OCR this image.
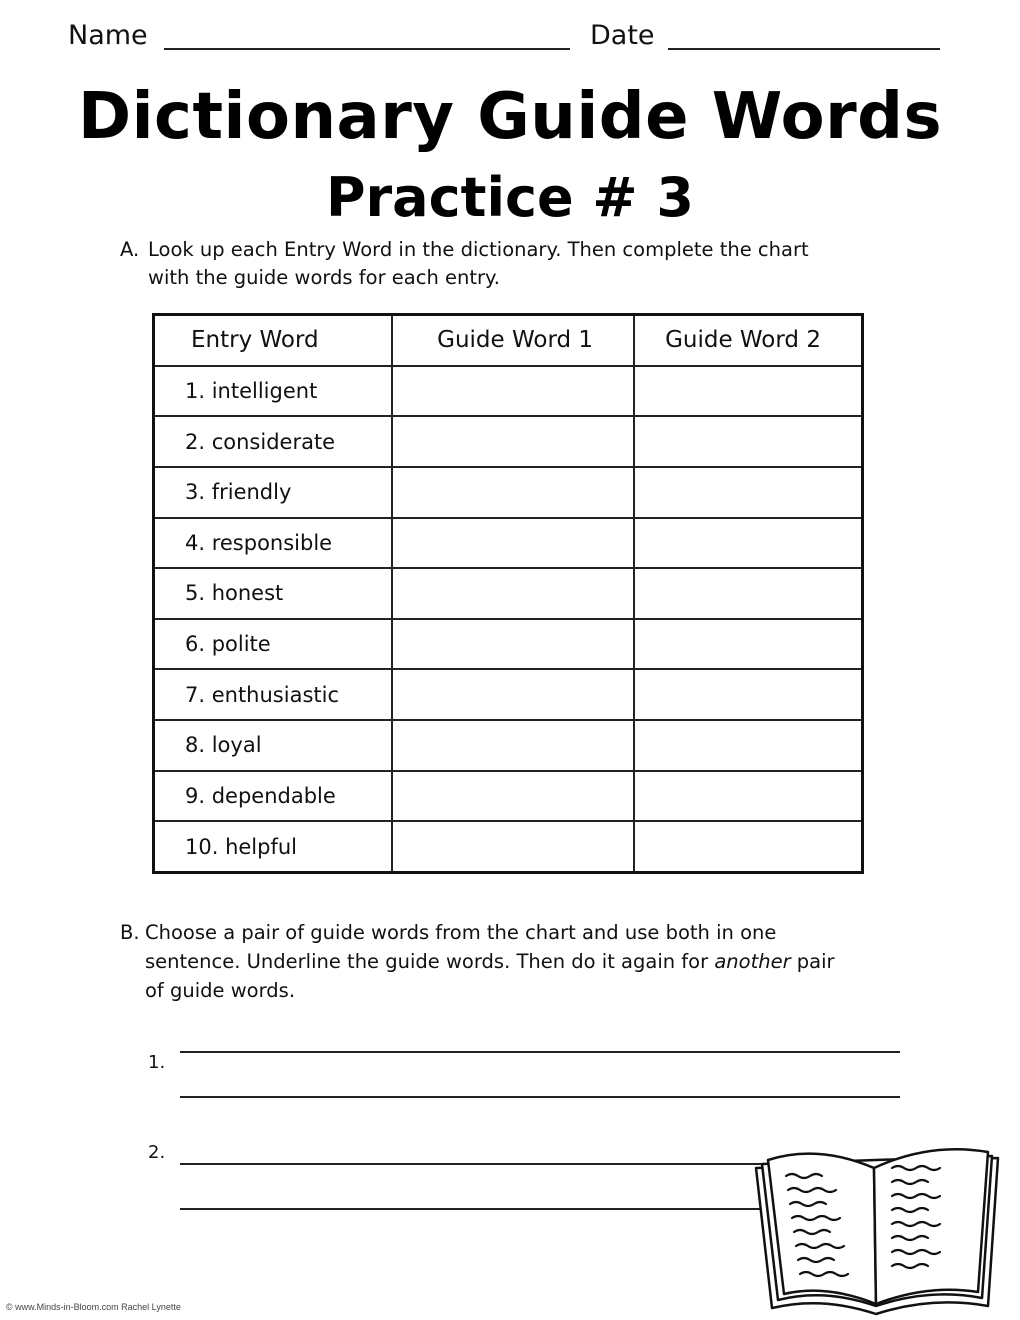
Name	Date
Dictionary Guide Words
Practice # 3
A. Look up each Entry Word in the dictionary. Then complete the chart
with the guide words for each entry.
Entry Word	Guide Word 1	Guide Word 2
1. intelligent		
2. considerate		
3. friendly		
4. responsible		
5. honest		
6. polite		
7. enthusiastic		
8. loyal		
9. dependable		
10. helpful		
B. Choose a pair of guide words from the chart and use both in one
sentence. Underline the guide words. Then do it again for another pair
of guide words.
1.
2.
© www.Minds-in-Bloom.com Rachel Lynette
